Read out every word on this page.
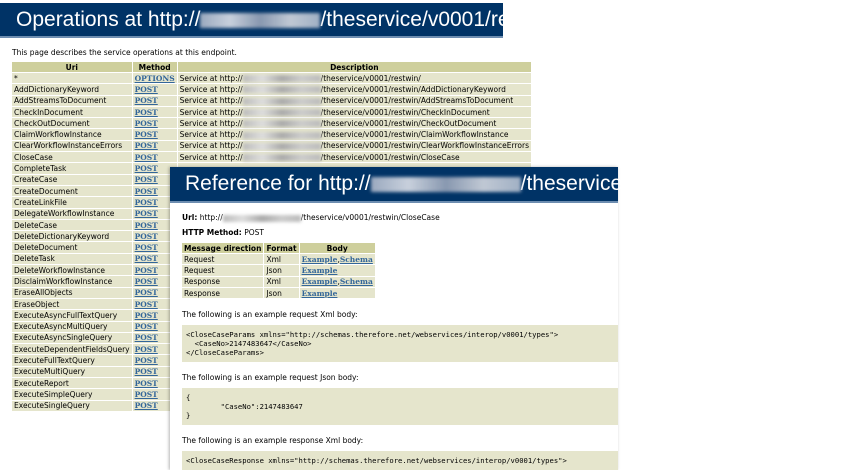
Operations at http://	/theservice/v0001/restwin

This page describes the service operations at this endpoint.

Uri	Method	Description
*	OPTIONS	Service at http:// /theservice/v0001/restwin/
AddDictionaryKeyword	POST	Service at http:// /theservice/v0001/restwin/AddDictionaryKeyword
AddStreamsToDocument	POST	Service at http:// /theservice/v0001/restwin/AddStreamsToDocument
CheckInDocument	POST	Service at http:// /theservice/v0001/restwin/CheckInDocument
CheckOutDocument	POST	Service at http:// /theservice/v0001/restwin/CheckOutDocument
ClaimWorkflowInstance	POST	Service at http:// /theservice/v0001/restwin/ClaimWorkflowInstance
ClearWorkflowInstanceErrors	POST	Service at http:// /theservice/v0001/restwin/ClearWorkflowInstanceErrors
CloseCase	POST	Service at http:// /theservice/v0001/restwin/CloseCase
CompleteTask	POST	
CreateCase	POST	
CreateDocument	POST	
CreateLinkFile	POST	
DelegateWorkflowInstance	POST	
DeleteCase	POST	
DeleteDictionaryKeyword	POST	
DeleteDocument	POST	
DeleteTask	POST	
DeleteWorkflowInstance	POST	
DisclaimWorkflowInstance	POST	
EraseAllObjects	POST	
EraseObject	POST	
ExecuteAsyncFullTextQuery	POST	
ExecuteAsyncMultiQuery	POST	
ExecuteAsyncSingleQuery	POST	
ExecuteDependentFieldsQuery	POST	
ExecuteFullTextQuery	POST	
ExecuteMultiQuery	POST	
ExecuteReport	POST	
ExecuteSimpleQuery	POST	
ExecuteSingleQuery	POST	
Reference for http://	/theservice/v0001/restwin/CloseCase
Url: http://	/theservice/v0001/restwin/CloseCase
HTTP Method: POST
Message direction	Format	Body
Request	Xml	Example,Schema
Request	Json	Example
Response	Xml	Example,Schema
Response	Json	Example

The following is an example request Xml body:

<CloseCaseParams xmlns="http://schemas.therefore.net/webservices/interop/v0001/types">
<CaseNo>2147483647</CaseNo>
</CloseCaseParams>

The following is an example request Json body:

{
"CaseNo":2147483647
}

The following is an example response Xml body:

<CloseCaseResponse xmlns="http://schemas.therefore.net/webservices/interop/v0001/types">
